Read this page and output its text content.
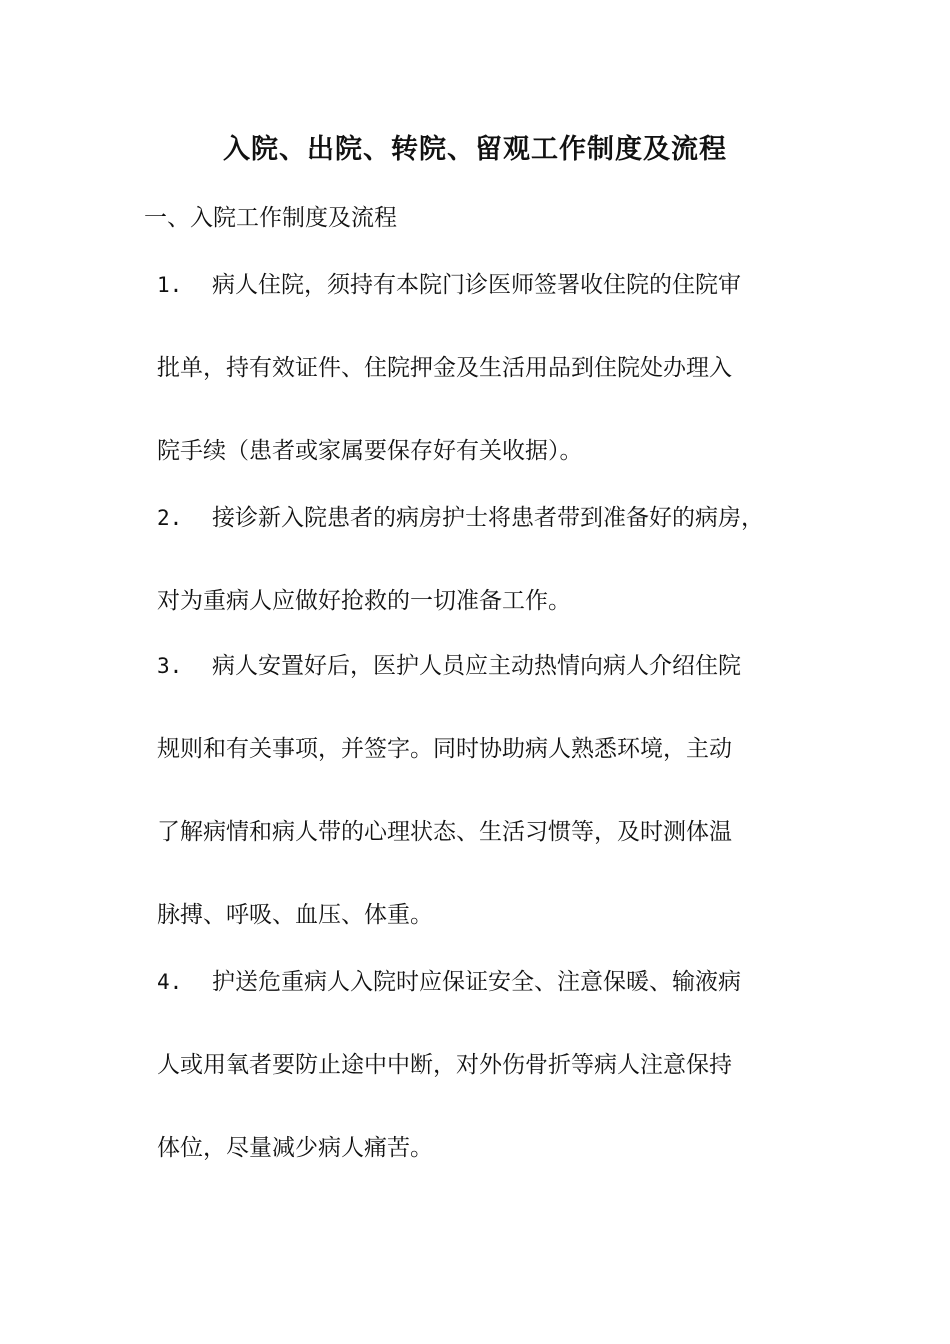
入院、出院、转院、留观工作制度及流程
一、入院工作制度及流程
1. 病人住院，须持有本院门诊医师签署收住院的住院审
批单，持有效证件、住院押金及生活用品到住院处办理入
院手续（患者或家属要保存好有关收据）。
2. 接诊新入院患者的病房护士将患者带到准备好的病房，
对为重病人应做好抢救的一切准备工作。
3. 病人安置好后，医护人员应主动热情向病人介绍住院
规则和有关事项，并签字。同时协助病人熟悉环境，主动
了解病情和病人带的心理状态、生活习惯等，及时测体温
脉搏、呼吸、血压、体重。
4. 护送危重病人入院时应保证安全、注意保暖、输液病
人或用氧者要防止途中中断，对外伤骨折等病人注意保持
体位，尽量减少病人痛苦。
